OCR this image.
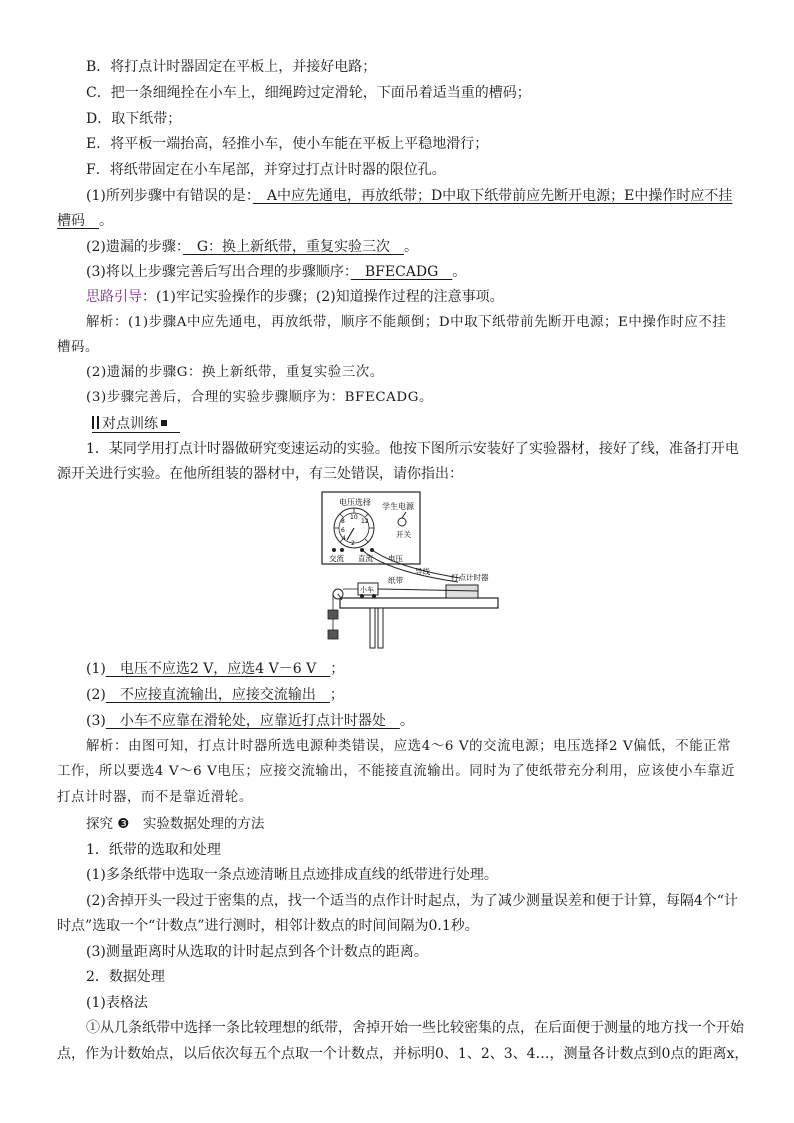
B．将打点计时器固定在平板上，并接好电路；
C．把一条细绳拴在小车上，细绳跨过定滑轮，下面吊着适当重的槽码；
D．取下纸带；
E．将平板一端抬高，轻推小车，使小车能在平板上平稳地滑行；
F．将纸带固定在小车尾部，并穿过打点计时器的限位孔。
(1)所列步骤中有错误的是：　A中应先通电，再放纸带；D中取下纸带前应先断开电源；E中操作时应不挂
槽码　。
(2)遗漏的步骤：　G：换上新纸带，重复实验三次　。
(3)将以上步骤完善后写出合理的步骤顺序：　BFECADG　。
思路引导：(1)牢记实验操作的步骤；(2)知道操作过程的注意事项。
解析：(1)步骤A中应先通电，再放纸带，顺序不能颠倒；D中取下纸带前先断开电源；E中操作时应不挂
槽码。
(2)遗漏的步骤G：换上新纸带，重复实验三次。
(3)步骤完善后，合理的实验步骤顺序为：BFECADG。
对点训练
1．某同学用打点计时器做研究变速运动的实验。他按下图所示安装好了实验器材，接好了线，准备打开电
源开关进行实验。在他所组装的器材中，有三处错误，请你指出：
电压选择 学生电源
10
8	12
6
4
2
开关
交流 直流 电压
导线
打点计时器
小车
纸带
(1)　电压不应选2 V，应选4 V－6 V　；
(2)　不应接直流输出，应接交流输出　；
(3)　小车不应靠在滑轮处，应靠近打点计时器处　。
解析：由图可知，打点计时器所选电源种类错误，应选4～6 V的交流电源；电压选择2 V偏低，不能正常
工作，所以要选4 V～6 V电压；应接交流输出，不能接直流输出。同时为了使纸带充分利用，应该使小车靠近
打点计时器，而不是靠近滑轮。
探究 ❸　实验数据处理的方法
1．纸带的选取和处理
(1)多条纸带中选取一条点迹清晰且点迹排成直线的纸带进行处理。
(2)舍掉开头一段过于密集的点，找一个适当的点作计时起点，为了减少测量误差和便于计算，每隔4个“计
时点”选取一个“计数点”进行测时，相邻计数点的时间间隔为0.1秒。
(3)测量距离时从选取的计时起点到各个计数点的距离。
2．数据处理
(1)表格法
①从几条纸带中选择一条比较理想的纸带，舍掉开始一些比较密集的点，在后面便于测量的地方找一个开始
点，作为计数始点，以后依次每五个点取一个计数点，并标明0、1、2、3、4…，测量各计数点到0点的距离x，
